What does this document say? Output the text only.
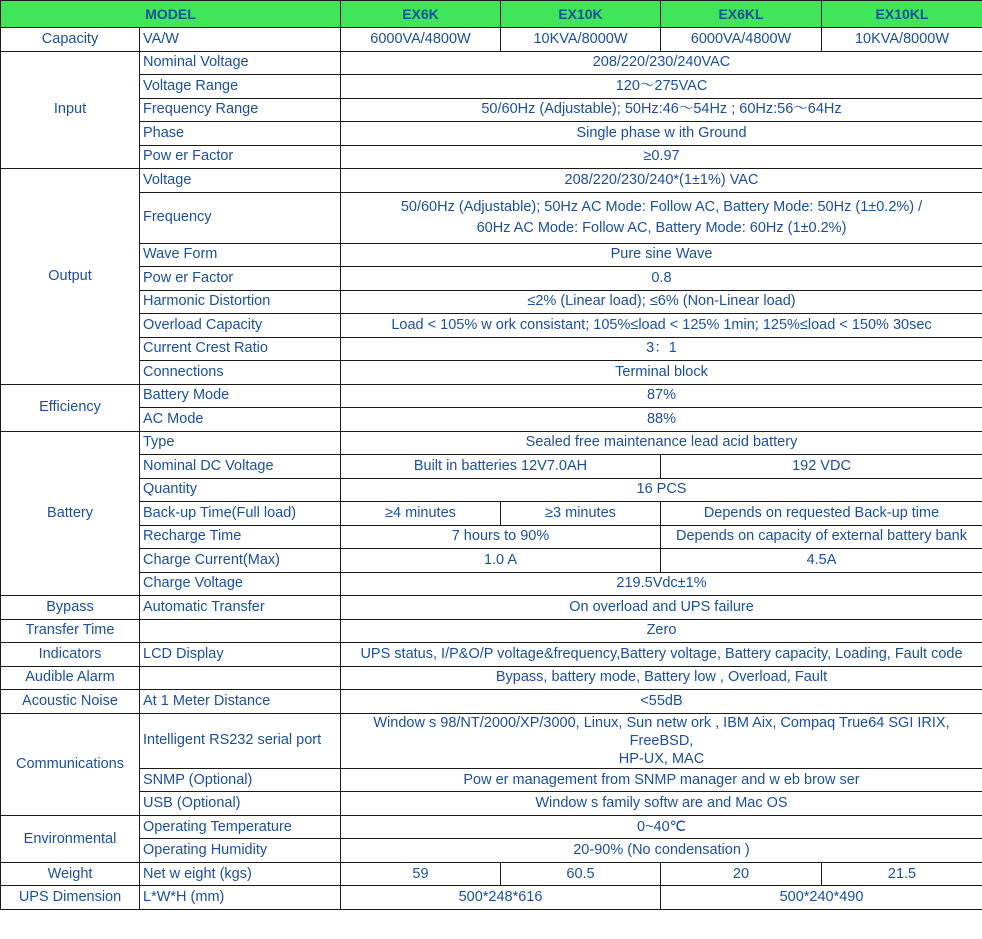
MODEL		EX6K	EX10K	EX6KL	EX10KL
Capacity	VA/W	6000VA/4800W	10KVA/8000W	6000VA/4800W	10KVA/8000W
Input	Nominal Voltage	208/220/230/240VAC			
	Voltage Range	120～275VAC			
	Frequency Range	50/60Hz (Adjustable); 50Hz:46～54Hz ; 60Hz:56～64Hz			
	Phase	Single phase w ith Ground			
	Pow er Factor	≥0.97			
Output	Voltage	208/220/230/240*(1±1%) VAC			
	Frequency	50/60Hz (Adjustable); 50Hz AC Mode: Follow AC, Battery Mode: 50Hz (1±0.2%) /
60Hz AC Mode: Follow AC, Battery Mode: 60Hz (1±0.2%)			
	Wave Form	Pure sine Wave			
	Pow er Factor	0.8			
	Harmonic Distortion	≤2% (Linear load); ≤6% (Non-Linear load)			
	Overload Capacity	Load < 105% w ork consistant; 105%≤load < 125% 1min; 125%≤load < 150% 30sec			
	Current Crest Ratio	3：1			
	Connections	Terminal block			
Efficiency	Battery Mode	87%			
	AC Mode	88%			
Battery	Type	Sealed free maintenance lead acid battery			
	Nominal DC Voltage	Built in batteries 12V7.0AH		192 VDC	
	Quantity	16 PCS			
	Back-up Time(Full load)	≥4 minutes	≥3 minutes	Depends on requested Back-up time	
	Recharge Time	7 hours to 90%		Depends on capacity of external battery bank	
	Charge Current(Max)	1.0 A		4.5A	
	Charge Voltage	219.5Vdc±1%			
Bypass	Automatic Transfer	On overload and UPS failure			
Transfer Time		Zero			
Indicators	LCD Display	UPS status, I/P&O/P voltage&frequency,Battery voltage, Battery capacity, Loading, Fault code			
Audible Alarm		Bypass, battery mode, Battery low , Overload, Fault			
Acoustic Noise	At 1 Meter Distance	<55dB			
Communications	Intelligent RS232 serial port	Window s 98/NT/2000/XP/3000, Linux, Sun netw ork , IBM Aix, Compaq True64 SGI IRIX, FreeBSD,
HP-UX, MAC			
	SNMP (Optional)	Pow er management from SNMP manager and w eb brow ser			
	USB (Optional)	Window s family softw are and Mac OS			
Environmental	Operating Temperature	0~40℃			
	Operating Humidity	20-90% (No condensation )			
Weight	Net w eight (kgs)	59	60.5	20	21.5
UPS Dimension	L*W*H (mm)	500*248*616		500*240*490	
